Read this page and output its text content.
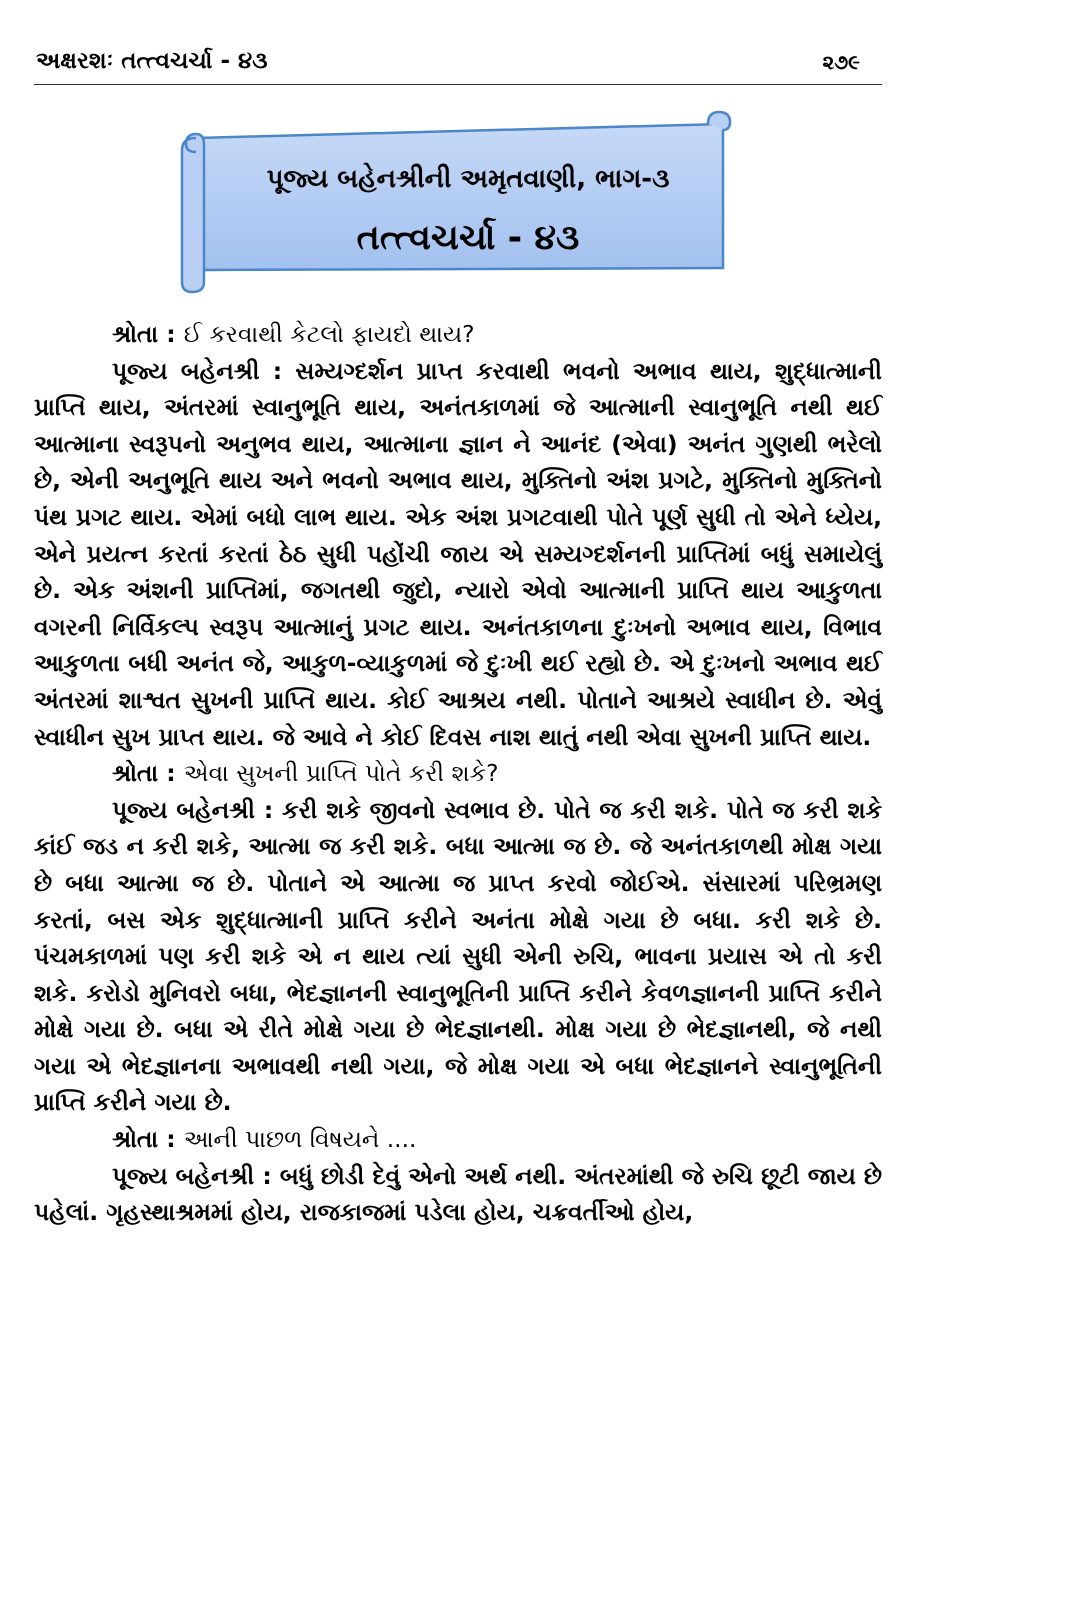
અક્ષરશઃ તત્ત્વચર્ચા - ૪૩	૨૭૯
પૂજ્ય બહેનશ્રીની અમૃતવાણી, ભાગ-૩
તત્ત્વચર્ચા - ૪૩

શ્રોતા : ઈ કરવાથી કેટલો ફાયદો થાય?

પૂજ્ય બહેનશ્રી : સમ્યગ્દર્શન પ્રાપ્ત કરવાથી ભવનો અભાવ થાય, શુદ્ધાત્માની પ્રાપ્તિ થાય, અંતરમાં સ્વાનુભૂતિ થાય, અનંતકાળમાં જે આત્માની સ્વાનુભૂતિ નથી થઈ આત્માના સ્વરૂપનો અનુભવ થાય, આત્માના જ્ઞાન ને આનંદ (એવા) અનંત ગુણથી ભરેલો છે, એની અનુભૂતિ થાય અને ભવનો અભાવ થાય, મુક્તિનો અંશ પ્રગટે, મુક્તિનો મુક્તિનો પંથ પ્રગટ થાય. એમાં બધો લાભ થાય. એક અંશ પ્રગટવાથી પોતે પૂર્ણ સુધી તો એને ધ્યેય, એને પ્રયત્ન કરતાં કરતાં ઠેઠ સુધી પહોંચી જાય એ સમ્યગ્દર્શનની પ્રાપ્તિમાં બધું સમાયેલું છે. એક અંશની પ્રાપ્તિમાં, જગતથી જુદો, ન્યારો એવો આત્માની પ્રાપ્તિ થાય આકુળતા વગરની નિર્વિકલ્પ સ્વરૂપ આત્માનું પ્રગટ થાય. અનંતકાળના દુઃખનો અભાવ થાય, વિભાવ આકુળતા બધી અનંત જે, આકુળ-વ્યાકુળમાં જે દુઃખી થઈ રહ્યો છે. એ દુઃખનો અભાવ થઈ અંતરમાં શાશ્વત સુખની પ્રાપ્તિ થાય. કોઈ આશ્રય નથી. પોતાને આશ્રયે સ્વાધીન છે. એવું સ્વાધીન સુખ પ્રાપ્ત થાય. જે આવે ને કોઈ દિવસ નાશ થાતું નથી એવા સુખની પ્રાપ્તિ થાય.

શ્રોતા : એવા સુખની પ્રાપ્તિ પોતે કરી શકે?

પૂજ્ય બહેનશ્રી : કરી શકે જીવનો સ્વભાવ છે. પોતે જ કરી શકે. પોતે જ કરી શકે કાંઈ જડ ન કરી શકે, આત્મા જ કરી શકે. બધા આત્મા જ છે. જે અનંતકાળથી મોક્ષ ગયા છે બધા આત્મા જ છે. પોતાને એ આત્મા જ પ્રાપ્ત કરવો જોઈએ. સંસારમાં પરિભ્રમણ કરતાં, બસ એક શુદ્ધાત્માની પ્રાપ્તિ કરીને અનંતા મોક્ષે ગયા છે બધા. કરી શકે છે. પંચમકાળમાં પણ કરી શકે એ ન થાય ત્યાં સુધી એની રુચિ, ભાવના પ્રયાસ એ તો કરી શકે. કરોડો મુનિવરો બધા, ભેદજ્ઞાનની સ્વાનુભૂતિની પ્રાપ્તિ કરીને કેવળજ્ઞાનની પ્રાપ્તિ કરીને મોક્ષે ગયા છે. બધા એ રીતે મોક્ષે ગયા છે ભેદજ્ઞાનથી. મોક્ષ ગયા છે ભેદજ્ઞાનથી, જે નથી ગયા એ ભેદજ્ઞાનના અભાવથી નથી ગયા, જે મોક્ષ ગયા એ બધા ભેદજ્ઞાનને સ્વાનુભૂતિની પ્રાપ્તિ કરીને ગયા છે.

શ્રોતા : આની પાછળ વિષયને ....

પૂજ્ય બહેનશ્રી : બધું છોડી દેવું એનો અર્થ નથી. અંતરમાંથી જે રુચિ છૂટી જાય છે પહેલાં. ગૃહસ્થાશ્રમમાં હોય, રાજકાજમાં પડેલા હોય, ચક્રવર્તીઓ હોય,
